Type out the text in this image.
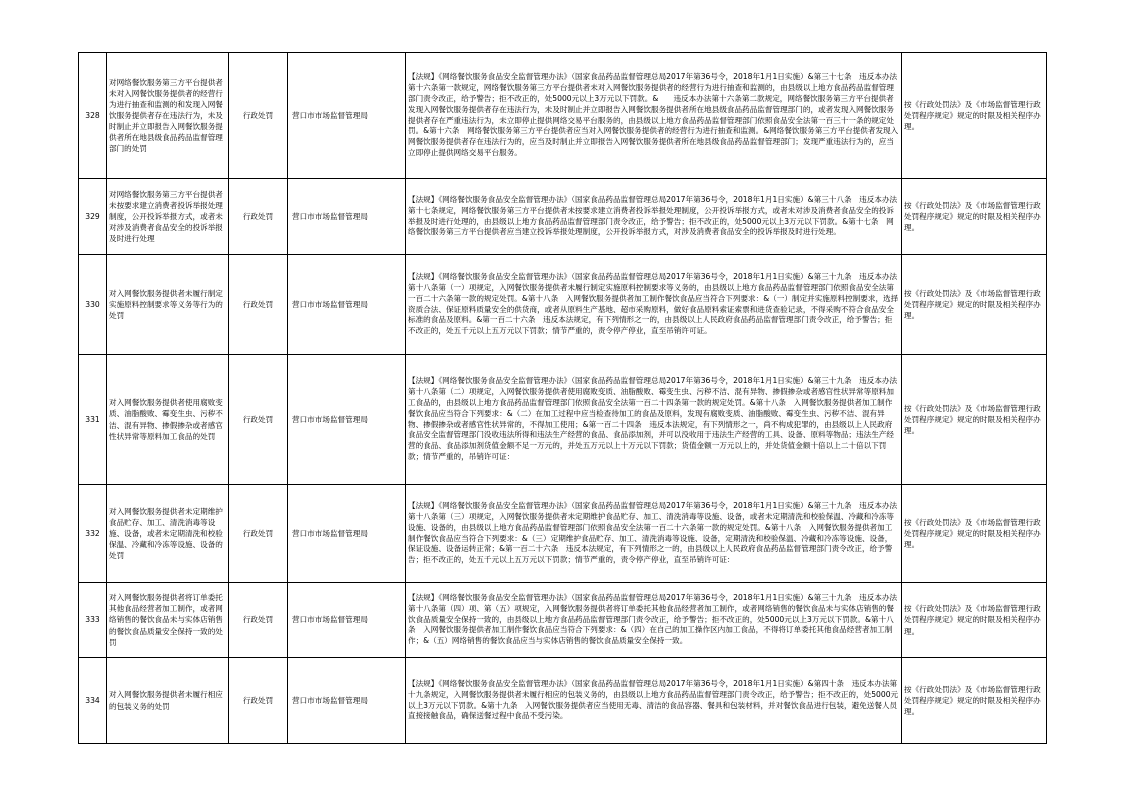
328	对网络餐饮服务第三方平台提供者未对入网餐饮服务提供者的经营行为进行抽查和监测的和发现入网餐饮服务提供者存在违法行为，未及时制止并立即报告入网餐饮服务提供者所在地县级食品药品监督管理部门的处罚	行政处罚	营口市市场监督管理局	【法规】《网络餐饮服务食品安全监督管理办法》（国家食品药品监督管理总局2017年第36号令，2018年1月1日实施）&第三十七条　违反本办法第十六条第一款规定，网络餐饮服务第三方平台提供者未对入网餐饮服务提供者的经营行为进行抽查和监测的，由县级以上地方食品药品监督管理部门责令改正，给予警告；拒不改正的，处5000元以上3万元以下罚款。&　　违反本办法第十六条第二款规定，网络餐饮服务第三方平台提供者发现入网餐饮服务提供者存在违法行为，未及时制止并立即报告入网餐饮服务提供者所在地县级食品药品监督管理部门的，或者发现入网餐饮服务提供者存在严重违法行为，未立即停止提供网络交易平台服务的，由县级以上地方食品药品监督管理部门依照食品安全法第一百三十一条的规定处罚。&第十六条　网络餐饮服务第三方平台提供者应当对入网餐饮服务提供者的经营行为进行抽查和监测。&网络餐饮服务第三方平台提供者发现入网餐饮服务提供者存在违法行为的，应当及时制止并立即报告入网餐饮服务提供者所在地县级食品药品监督管理部门；发现严重违法行为的，应当立即停止提供网络交易平台服务。	按《行政处罚法》及《市场监督管理行政处罚程序规定》规定的时限及相关程序办理。
329	对网络餐饮服务第三方平台提供者未按要求建立消费者投诉举报处理制度，公开投诉举报方式，或者未对涉及消费者食品安全的投诉举报及时进行处理	行政处罚	营口市市场监督管理局	【法规】《网络餐饮服务食品安全监督管理办法》（国家食品药品监督管理总局2017年第36号令，2018年1月1日实施）&第三十八条　违反本办法第十七条规定，网络餐饮服务第三方平台提供者未按要求建立消费者投诉举报处理制度，公开投诉举报方式，或者未对涉及消费者食品安全的投诉举报及时进行处理的，由县级以上地方食品药品监督管理部门责令改正，给予警告；拒不改正的，处5000元以上3万元以下罚款。&第十七条　网络餐饮服务第三方平台提供者应当建立投诉举报处理制度，公开投诉举报方式，对涉及消费者食品安全的投诉举报及时进行处理。	按《行政处罚法》及《市场监督管理行政处罚程序规定》规定的时限及相关程序办理。
330	对入网餐饮服务提供者未履行制定实施原料控制要求等义务等行为的处罚	行政处罚	营口市市场监督管理局	【法规】《网络餐饮服务食品安全监督管理办法》（国家食品药品监督管理总局2017年第36号令，2018年1月1日实施）&第三十九条　违反本办法第十八条第（一）项规定，入网餐饮服务提供者未履行制定实施原料控制要求等义务的，由县级以上地方食品药品监督管理部门依照食品安全法第一百二十六条第一款的规定处罚。&第十八条　入网餐饮服务提供者加工制作餐饮食品应当符合下列要求：&（一）制定并实施原料控制要求，选择资质合法、保证原料质量安全的供货商，或者从原料生产基地、超市采购原料，做好食品原料索证索票和进货查验记录，不得采购不符合食品安全标准的食品及原料。&第一百二十六条　违反本法规定，有下列情形之一的，由县级以上人民政府食品药品监督管理部门责令改正，给予警告；拒不改正的，处五千元以上五万元以下罚款；情节严重的，责令停产停业，直至吊销许可证。	按《行政处罚法》及《市场监督管理行政处罚程序规定》规定的时限及相关程序办理。
331	对入网餐饮服务提供者使用腐败变质、油脂酸败、霉变生虫、污秽不洁、混有异物、掺假掺杂或者感官性状异常等原料加工食品的处罚	行政处罚	营口市市场监督管理局	【法规】《网络餐饮服务食品安全监督管理办法》（国家食品药品监督管理总局2017年第36号令，2018年1月1日实施）&第三十九条　违反本办法第十八条第（二）项规定，入网餐饮服务提供者使用腐败变质、油脂酸败、霉变生虫、污秽不洁、混有异物、掺假掺杂或者感官性状异常等原料加工食品的，由县级以上地方食品药品监督管理部门依照食品安全法第一百二十四条第一款的规定处罚。&第十八条　入网餐饮服务提供者加工制作餐饮食品应当符合下列要求：&（二）在加工过程中应当检查待加工的食品及原料，发现有腐败变质、油脂酸败、霉变生虫、污秽不洁、混有异物、掺假掺杂或者感官性状异常的，不得加工使用；&第一百二十四条　违反本法规定，有下列情形之一，尚不构成犯罪的，由县级以上人民政府食品安全监督管理部门没收违法所得和违法生产经营的食品、食品添加剂，并可以没收用于违法生产经营的工具、设备、原料等物品；违法生产经营的食品、食品添加剂货值金额不足一万元的，并处五万元以上十万元以下罚款；货值金额一万元以上的，并处货值金额十倍以上二十倍以下罚款；情节严重的，吊销许可证：	按《行政处罚法》及《市场监督管理行政处罚程序规定》规定的时限及相关程序办理。
332	对入网餐饮服务提供者未定期维护食品贮存、加工、清洗消毒等设施、设备，或者未定期清洗和校验保温、冷藏和冷冻等设施、设备的处罚	行政处罚	营口市市场监督管理局	【法规】《网络餐饮服务食品安全监督管理办法》（国家食品药品监督管理总局2017年第36号令，2018年1月1日实施）&第三十九条　违反本办法第十八条第（三）项规定，入网餐饮服务提供者未定期维护食品贮存、加工、清洗消毒等设施、设备，或者未定期清洗和校验保温、冷藏和冷冻等设施、设备的，由县级以上地方食品药品监督管理部门依照食品安全法第一百二十六条第一款的规定处罚。&第十八条　入网餐饮服务提供者加工制作餐饮食品应当符合下列要求：&（三）定期维护食品贮存、加工、清洗消毒等设施、设备，定期清洗和校验保温、冷藏和冷冻等设施、设备，保证设施、设备运转正常；&第一百二十六条　违反本法规定，有下列情形之一的，由县级以上人民政府食品药品监督管理部门责令改正，给予警告；拒不改正的，处五千元以上五万元以下罚款；情节严重的，责令停产停业，直至吊销许可证：	按《行政处罚法》及《市场监督管理行政处罚程序规定》规定的时限及相关程序办理。
333	对入网餐饮服务提供者将订单委托其他食品经营者加工制作，或者网络销售的餐饮食品未与实体店销售的餐饮食品质量安全保持一致的处罚	行政处罚	营口市市场监督管理局	【法规】《网络餐饮服务食品安全监督管理办法》（国家食品药品监督管理总局2017年第36号令，2018年1月1日实施）&第三十九条　违反本办法第十八条第（四）项、第（五）项规定，入网餐饮服务提供者将订单委托其他食品经营者加工制作，或者网络销售的餐饮食品未与实体店销售的餐饮食品质量安全保持一致的，由县级以上地方食品药品监督管理部门责令改正，给予警告；拒不改正的，处5000元以上3万元以下罚款。&第十八条　入网餐饮服务提供者加工制作餐饮食品应当符合下列要求：&（四）在自己的加工操作区内加工食品，不得将订单委托其他食品经营者加工制作；&（五）网络销售的餐饮食品应当与实体店销售的餐饮食品质量安全保持一致。	按《行政处罚法》及《市场监督管理行政处罚程序规定》规定的时限及相关程序办理。
334	对入网餐饮服务提供者未履行相应的包装义务的处罚	行政处罚	营口市市场监督管理局	【法规】《网络餐饮服务食品安全监督管理办法》（国家食品药品监督管理总局2017年第36号令，2018年1月1日实施）&第四十条　违反本办法第十九条规定，入网餐饮服务提供者未履行相应的包装义务的，由县级以上地方食品药品监督管理部门责令改正，给予警告；拒不改正的，处5000元以上3万元以下罚款。&第十九条　入网餐饮服务提供者应当使用无毒、清洁的食品容器、餐具和包装材料，并对餐饮食品进行包装，避免送餐人员直接接触食品，确保送餐过程中食品不受污染。	按《行政处罚法》及《市场监督管理行政处罚程序规定》规定的时限及相关程序办理。
